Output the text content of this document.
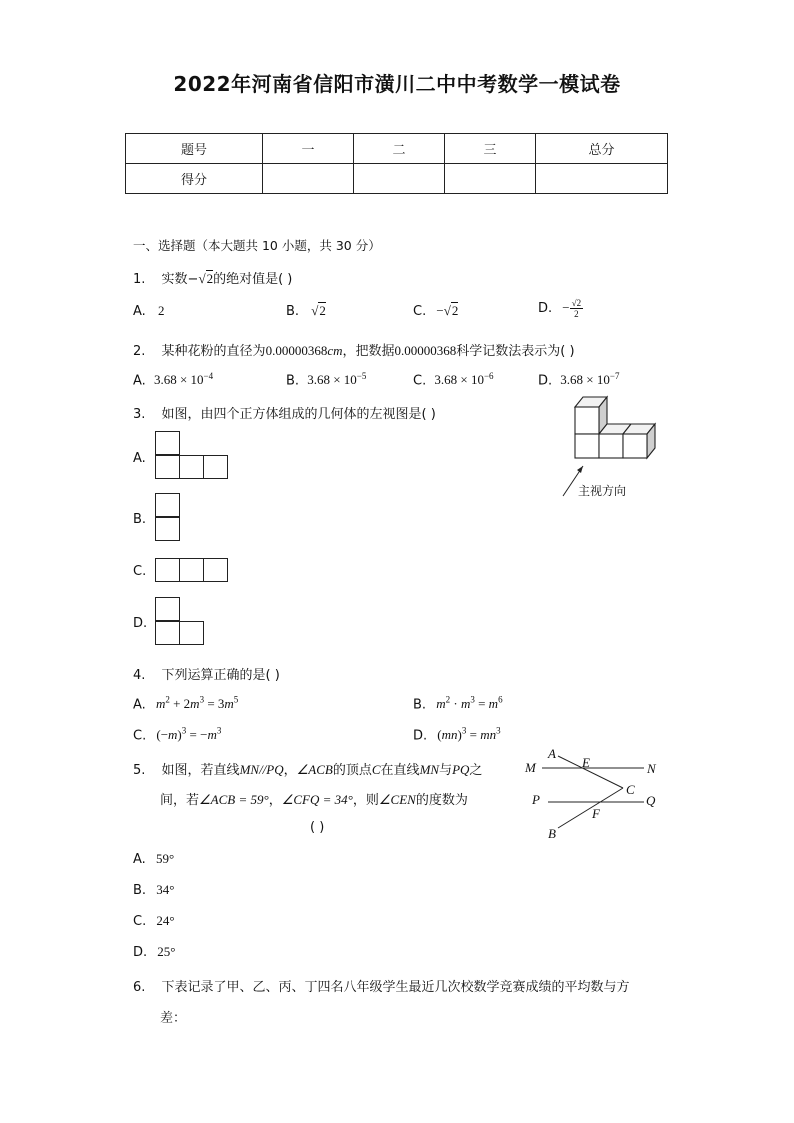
2022年河南省信阳市潢川二中中考数学一模试卷
题号	一	二	三	总分
得分				
一、选择题（本大题共 10 小题，共 30 分）
1. 实数−√2的绝对值是( )
A. 2	B. √2	C. −√2	D. − $\frac{√2}{2}$
2. 某种花粉的直径为0.00000368cm，把数据0.00000368科学记数法表示为( )
A. $3.68 \times 10^{-4}$	B. $3.68 \times 10^{-5}$	C. $3.68 \times 10^{-6}$	D. $3.68 \times 10^{-7}$
3. 如图，由四个正方体组成的几何体的左视图是( )
主视方向
A.
B.
C.
D.
4. 下列运算正确的是( )
A. $m^2 + 2m^3 = 3m^5$	B. $m^2 \cdot m^3 = m^6$
C. $(-m)^3 = -m^3$	D. $(mn)^3 = mn^3$
5. 如图，若直线MN//PQ，∠ACB的顶点C在直线MN与PQ之
间，若∠ACB = 59°，∠CFQ = 34°，则∠CEN的度数为
( )
A
E
M	N
C
P	Q
F
B
A. 59°
B. 34°
C. 24°
D. 25°
6. 下表记录了甲、乙、丙、丁四名八年级学生最近几次校数学竞赛成绩的平均数与方
差：
